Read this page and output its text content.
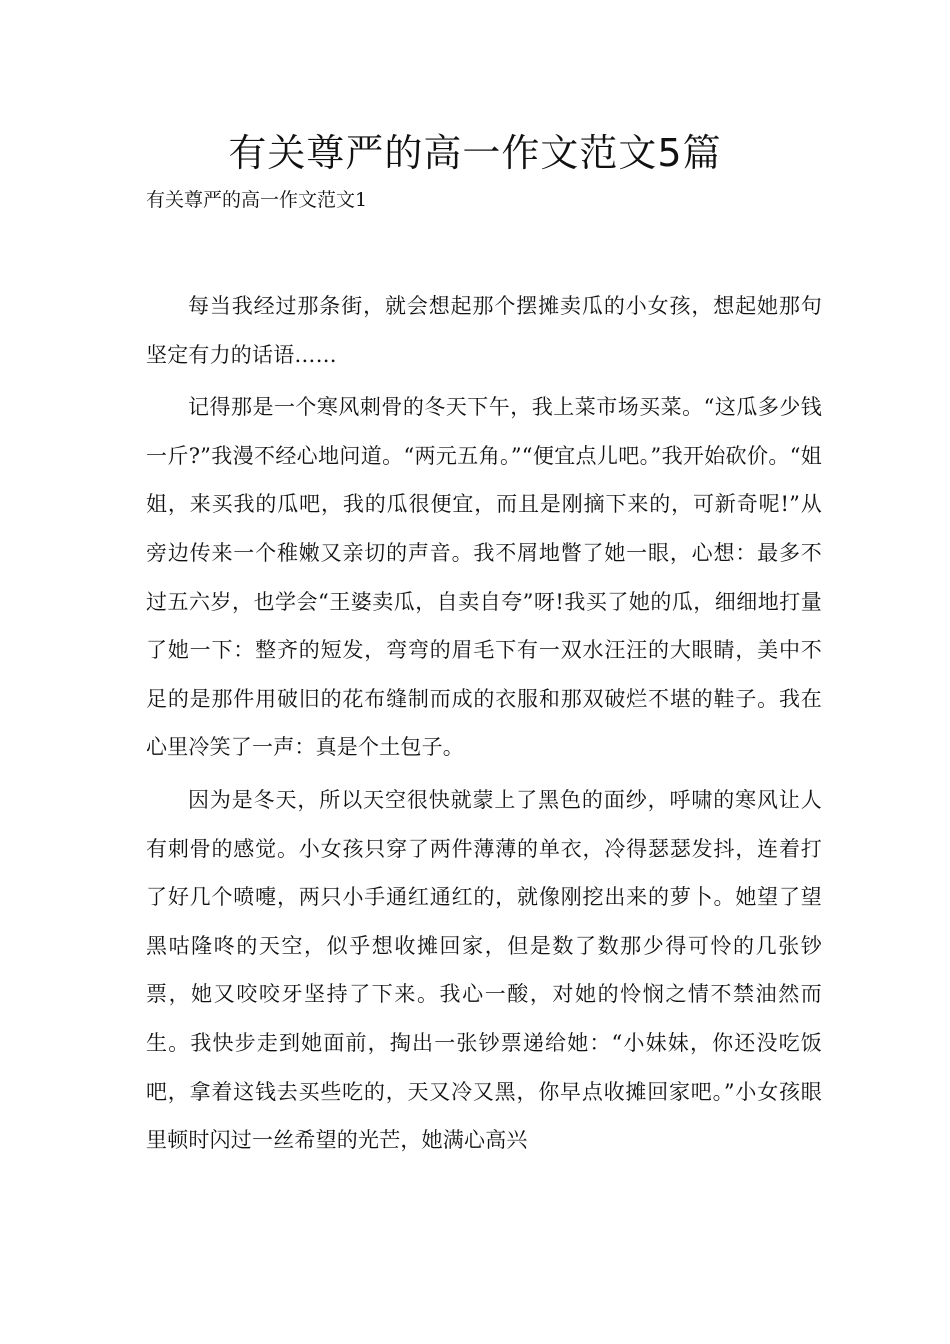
有关尊严的高一作文范文5篇
有关尊严的高一作文范文1

每当我经过那条街，就会想起那个摆摊卖瓜的小女孩，想起她那句坚定有力的话语……

记得那是一个寒风刺骨的冬天下午，我上菜市场买菜。“这瓜多少钱一斤?”我漫不经心地问道。“两元五角。”“便宜点儿吧。”我开始砍价。“姐姐，来买我的瓜吧，我的瓜很便宜，而且是刚摘下来的，可新奇呢!”从旁边传来一个稚嫩又亲切的声音。我不屑地瞥了她一眼，心想：最多不过五六岁，也学会“王婆卖瓜，自卖自夸”呀!我买了她的瓜，细细地打量了她一下：整齐的短发，弯弯的眉毛下有一双水汪汪的大眼睛，美中不足的是那件用破旧的花布缝制而成的衣服和那双破烂不堪的鞋子。我在心里冷笑了一声：真是个土包子。

因为是冬天，所以天空很快就蒙上了黑色的面纱，呼啸的寒风让人有刺骨的感觉。小女孩只穿了两件薄薄的单衣，冷得瑟瑟发抖，连着打了好几个喷嚏，两只小手通红通红的，就像刚挖出来的萝卜。她望了望黑咕隆咚的天空，似乎想收摊回家，但是数了数那少得可怜的几张钞票，她又咬咬牙坚持了下来。我心一酸，对她的怜悯之情不禁油然而生。我快步走到她面前，掏出一张钞票递给她：“小妹妹，你还没吃饭吧，拿着这钱去买些吃的，天又冷又黑，你早点收摊回家吧。”小女孩眼里顿时闪过一丝希望的光芒，她满心高兴
